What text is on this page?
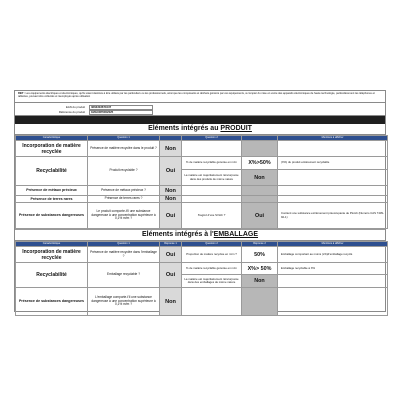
REP : Les équipements électriques et électroniques, qu'ils soient destinés à être utilisés par les particuliers ou les professionnels, ainsi que les composants et déchets générés par ces équipements, à compter du mise en vente des appareils électroniques de haute technologie, particulièrement les téléphones et tablettes, pouvant être collectés et réemployés après utilisation
EAN du produit 3663303671037
Référence du produit 1MGX0P0002025
Eléments intégrés au PRODUIT
Caractéristique	Question 1		Question 2		Mentions à afficher
Incorporation de matière recyclée	Présence de matière recyclée dans le produit ?	Non			
Recyclabilité	Produit recyclable ?	Oui	% de matière recyclable générée en m/m	X%>50%	(X%) du produit entièrement recyclable
			La matière est majoritairement réincorporée dans des produits de même nature	Non	
Présence de métaux précieux	Présence de métaux précieux ?	Non			
Présence de terres rares	Présence de terres rares ?	Non			
Présence de substances dangereuses	Le produit comporte-t'il une substance dangereuse à une concentration supérieure à 0,1% m/m ?	Oui	S'agit-il d'une SVHC ?	Oui	Contient une substance extrêmement préoccupante de Plomb (Numéro CAS 7439-92-1)
Eléments intégrés à l'EMBALLAGE
Caractéristique	Question 1	Réponse 1	Question 2	Réponse 2	Mentions à afficher
Incorporation de matière recyclée	Présence de matière recyclée dans l'emballage ?	Oui	Proportion de matière recyclée en m/m ?	50%	Emballage comportant au moins (x%)d'emballage recyclé
Recyclabilité	Emballage recyclable ?	Oui	% de matière recyclable générée en m/m	X%> 50%	Emballage recyclable à X%
			La matière est majoritairement réincorporée dans des emballages de même nature	Non	
Présence de substances dangereuses	L'emballage comporte-t'il une substance dangereuse à une concentration supérieure à 0,1% m/m ?	Non			
